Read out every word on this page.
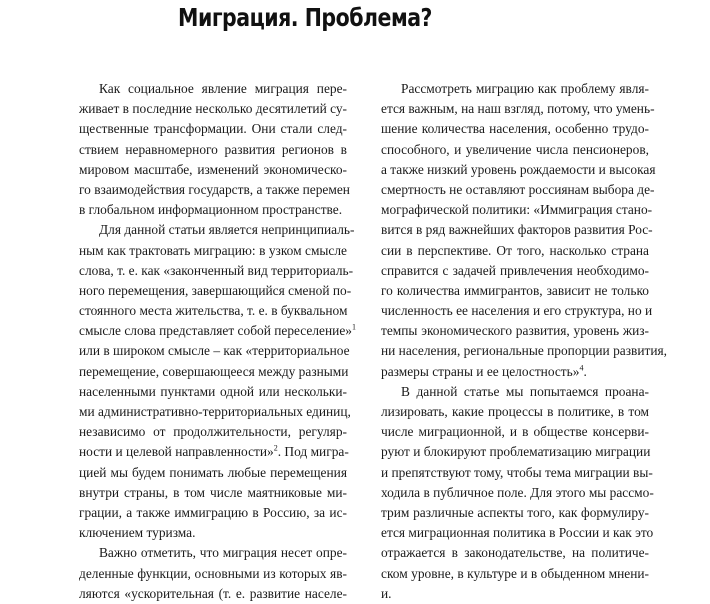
Миграция. Проблема?

Как социальное явление миграция пере-
живает в последние несколько десятилетий су-
щественные трансформации. Они стали след-
ствием неравномерного развития регионов в
мировом масштабе, изменений экономическо-
го взаимодействия государств, а также перемен
в глобальном информационном пространстве.

Для данной статьи является непринципиаль-
ным как трактовать миграцию: в узком смысле
слова, т. е. как «законченный вид территориаль-
ного перемещения, завершающийся сменой по-
стоянного места жительства, т. е. в буквальном
смысле слова представляет собой переселение»$^1$
или в широком смысле – как «территориальное
перемещение, совершающееся между разными
населенными пунктами одной или нескольки-
ми административно-территориальных единиц,
независимо от продолжительности, регуляр-
ности и целевой направленности»$^2$. Под мигра-
цией мы будем понимать любые перемещения
внутри страны, в том числе маятниковые ми-
грации, а также иммиграцию в Россию, за ис-
ключением туризма.

Важно отметить, что миграция несет опре-
деленные функции, основными из которых яв-
ляются «ускорительная (т. е. развитие населе-

Рассмотреть миграцию как проблему явля-
ется важным, на наш взгляд, потому, что умень-
шение количества населения, особенно трудо-
способного, и увеличение числа пенсионеров,
а также низкий уровень рождаемости и высокая
смертность не оставляют россиянам выбора де-
мографической политики: «Иммиграция стано-
вится в ряд важнейших факторов развития Рос-
сии в перспективе. От того, насколько страна
справится с задачей привлечения необходимо-
го количества иммигрантов, зависит не только
численность ее населения и его структура, но и
темпы экономического развития, уровень жиз-
ни населения, региональные пропорции развития,
размеры страны и ее целостность»$^4$.

В данной статье мы попытаемся проана-
лизировать, какие процессы в политике, в том
числе миграционной, и в обществе консерви-
руют и блокируют проблематизацию миграции
и препятствуют тому, чтобы тема миграции вы-
ходила в публичное поле. Для этого мы рассмо-
трим различные аспекты того, как формулиру-
ется миграционная политика в России и как это
отражается в законодательстве, на политиче-
ском уровне, в культуре и в обыденном мнени-
и.
